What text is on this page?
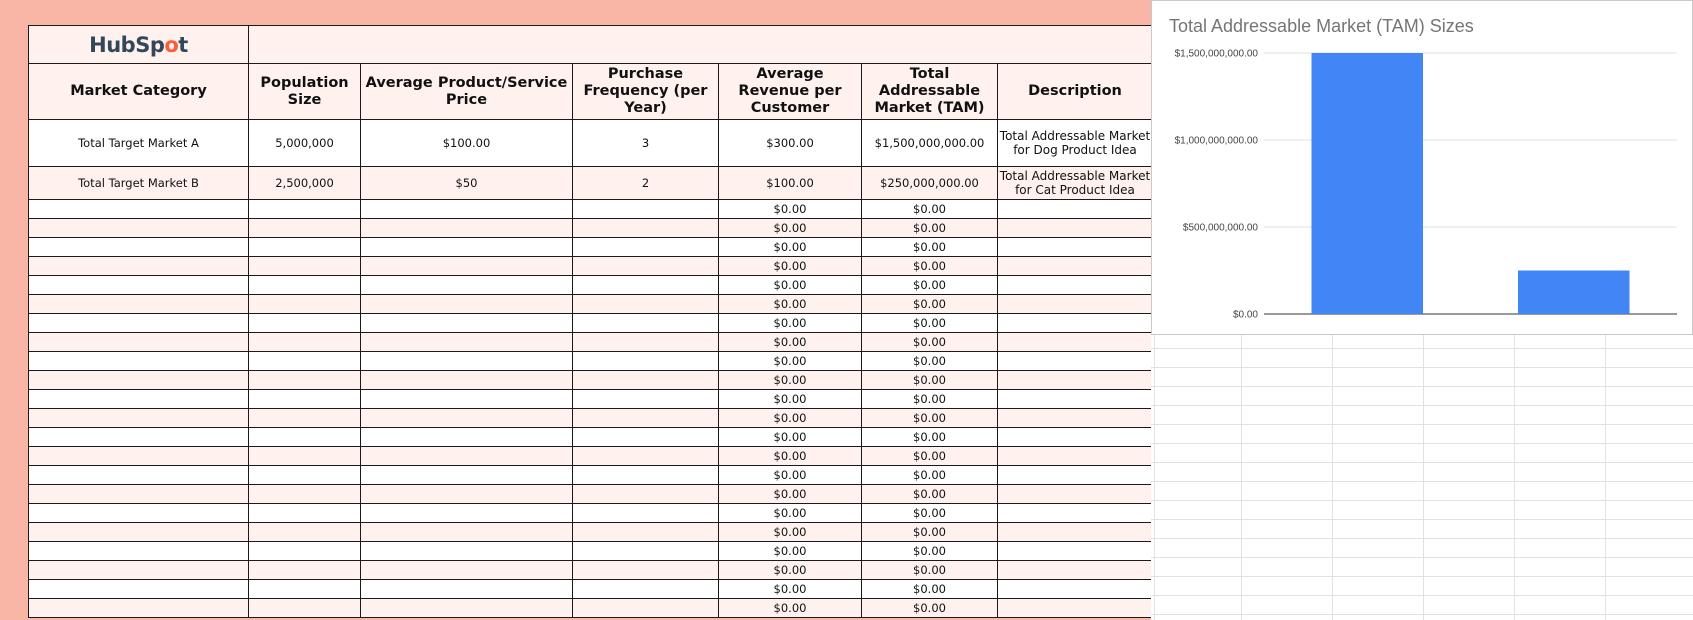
HubSpot						
Market Category	Population Size	Average Product/Service Price	Purchase Frequency (per Year)	Average Revenue per Customer	Total Addressable Market (TAM)	Description
Total Target Market A	5,000,000	$100.00	3	$300.00	$1,500,000,000.00	Total Addressable Market for Dog Product Idea
Total Target Market B	2,500,000	$50	2	$100.00	$250,000,000.00	Total Addressable Market for Cat Product Idea
				$0.00	$0.00	
				$0.00	$0.00	
				$0.00	$0.00	
				$0.00	$0.00	
				$0.00	$0.00	
				$0.00	$0.00	
				$0.00	$0.00	
				$0.00	$0.00	
				$0.00	$0.00	
				$0.00	$0.00	
				$0.00	$0.00	
				$0.00	$0.00	
				$0.00	$0.00	
				$0.00	$0.00	
				$0.00	$0.00	
				$0.00	$0.00	
				$0.00	$0.00	
				$0.00	$0.00	
				$0.00	$0.00	
				$0.00	$0.00	
				$0.00	$0.00	
				$0.00	$0.00	
Total Addressable Market (TAM) Sizes
$0.00
$500,000,000.00
$1,000,000,000.00
$1,500,000,000.00
